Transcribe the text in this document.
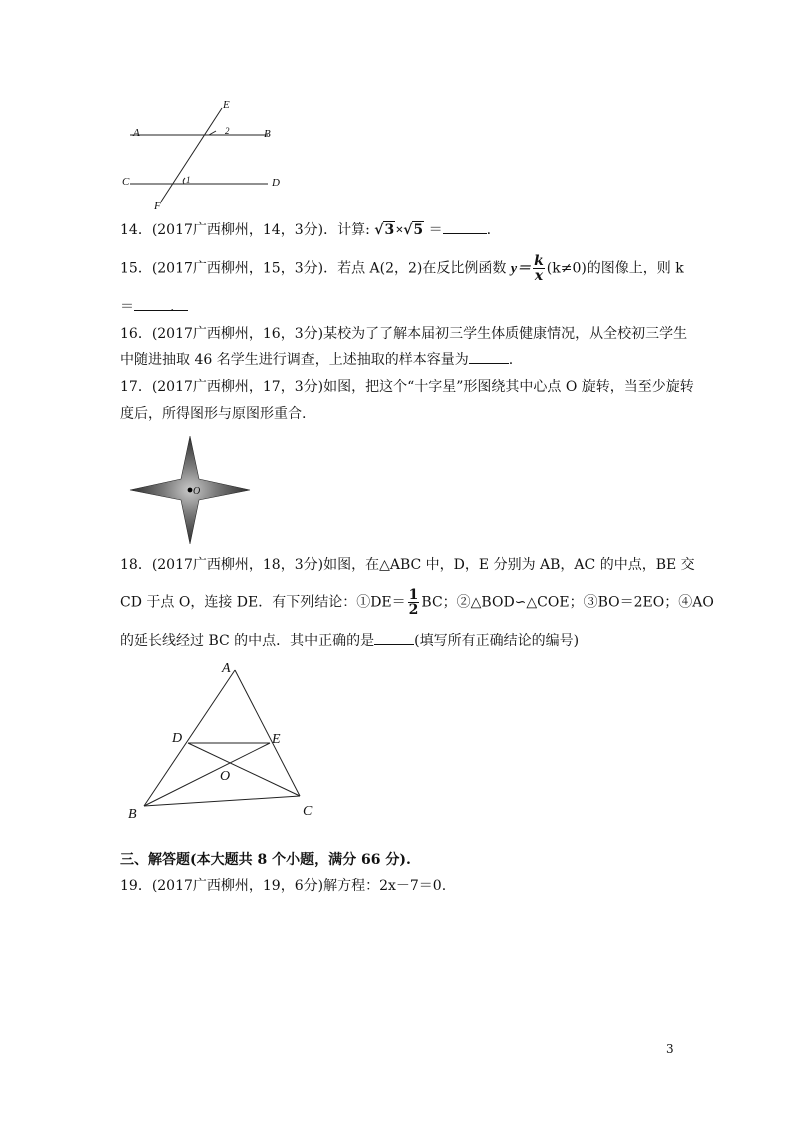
E
A	B
C	D
F
1
2
14．(2017广西柳州，14，3分)．计算: √3×√5 ＝	.
15．(2017广西柳州，15，3分)．若点 A(2，2)在反比例函数 $y= \frac{k}{x} (k\ne 0)$的图像上，则 k
＝	.
16．(2017广西柳州，16，3分)某校为了了解本届初三学生体质健康情况，从全校初三学生
中随进抽取 46 名学生进行调查，上述抽取的样本容量为	.
17．(2017广西柳州，17，3分)如图，把这个“十字星”形图绕其中心点 O 旋转，当至少旋转
度后，所得图形与原图形重合.
O
18．(2017广西柳州，18，3分)如图，在△ABC 中，D，E 分别为 AB，AC 的中点，BE 交
CD 于点 O，连接 DE．有下列结论：①DE＝ $\frac{1}{2}$ BC；②△BOD∽△COE；③BO＝2EO；④AO
的延长线经过 BC 的中点．其中正确的是	(填写所有正确结论的编号)
A
B	C
D	E
O
三、解答题(本大题共 8 个小题，满分 66 分).
19．(2017广西柳州，19，6分)解方程：2x－7＝0.
3
